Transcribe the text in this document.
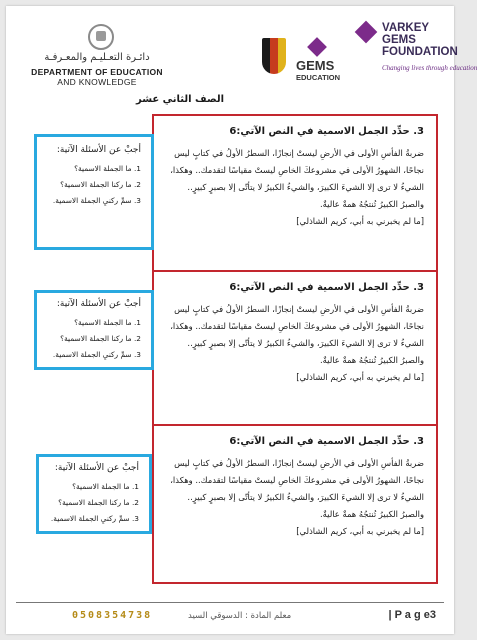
دائـرة التعـليـم والمعـرفـة
DEPARTMENT OF EDUCATION
AND KNOWLEDGE
GEMS
EDUCATION
VARKEY
GEMS
FOUNDATION
Changing lives through education
الصف الثاني عشر
3. حدِّد الجمل الاسمية في النص الآتي:6

ضربةُ الفأسِ الأولى في الأرضِ ليستْ إنجازًا، السطرُ الأولُ في كتابٍ ليس نجاحًا، الشهورُ الأولى في مشروعكَ الخاصِ ليستْ مقياسًا لتقدمك.. وهكذا، الشيءُ لا ترى إلا الشيءَ الكبيرَ، والشيءُ الكبيرُ لا يتأتّى إلا بصبرٍ كبيرٍ.. والصبرُ الكبيرُ تُنتجُهُ همةٌ عاليةٌ.

[ما لم يخبرني به أبي، كريم الشاذلي]
أجبْ عن الأسئلة الآتية:

1. ما الجملة الاسمية؟

2. ما ركنا الجملة الاسمية؟

3. سمِّ ركنيِ الجملة الاسمية.

3. حدِّد الجمل الاسمية في النص الآتي:6

ضربةُ الفأسِ الأولى في الأرضِ ليستْ إنجازًا، السطرُ الأولُ في كتابٍ ليس نجاحًا، الشهورُ الأولى في مشروعكَ الخاصِ ليستْ مقياسًا لتقدمك.. وهكذا، الشيءُ لا ترى إلا الشيءَ الكبيرَ، والشيءُ الكبيرُ لا يتأتّى إلا بصبرٍ كبيرٍ.. والصبرُ الكبيرُ تُنتجُهُ همةٌ عاليةٌ.

[ما لم يخبرني به أبي، كريم الشاذلي]
أجبْ عن الأسئلة الآتية:

1. ما الجملة الاسمية؟

2. ما ركنا الجملة الاسمية؟

3. سمِّ ركنيِ الجملة الاسمية.

3. حدِّد الجمل الاسمية في النص الآتي:6

ضربةُ الفأسِ الأولى في الأرضِ ليستْ إنجازًا، السطرُ الأولُ في كتابٍ ليس نجاحًا، الشهورُ الأولى في مشروعكَ الخاصِ ليستْ مقياسًا لتقدمك.. وهكذا، الشيءُ لا ترى إلا الشيءَ الكبيرَ، والشيءُ الكبيرُ لا يتأتّى إلا بصبرٍ كبيرٍ.. والصبرُ الكبيرُ تُنتجُهُ همةٌ عاليةٌ.

[ما لم يخبرني به أبي، كريم الشاذلي]
أجبْ عن الأسئلة الآتية:

1. ما الجملة الاسمية؟

2. ما ركنا الجملة الاسمية؟

3. سمِّ ركنيِ الجملة الاسمية.

0508354738	معلم المادة : الدسوقي السيد	| P a g e3
